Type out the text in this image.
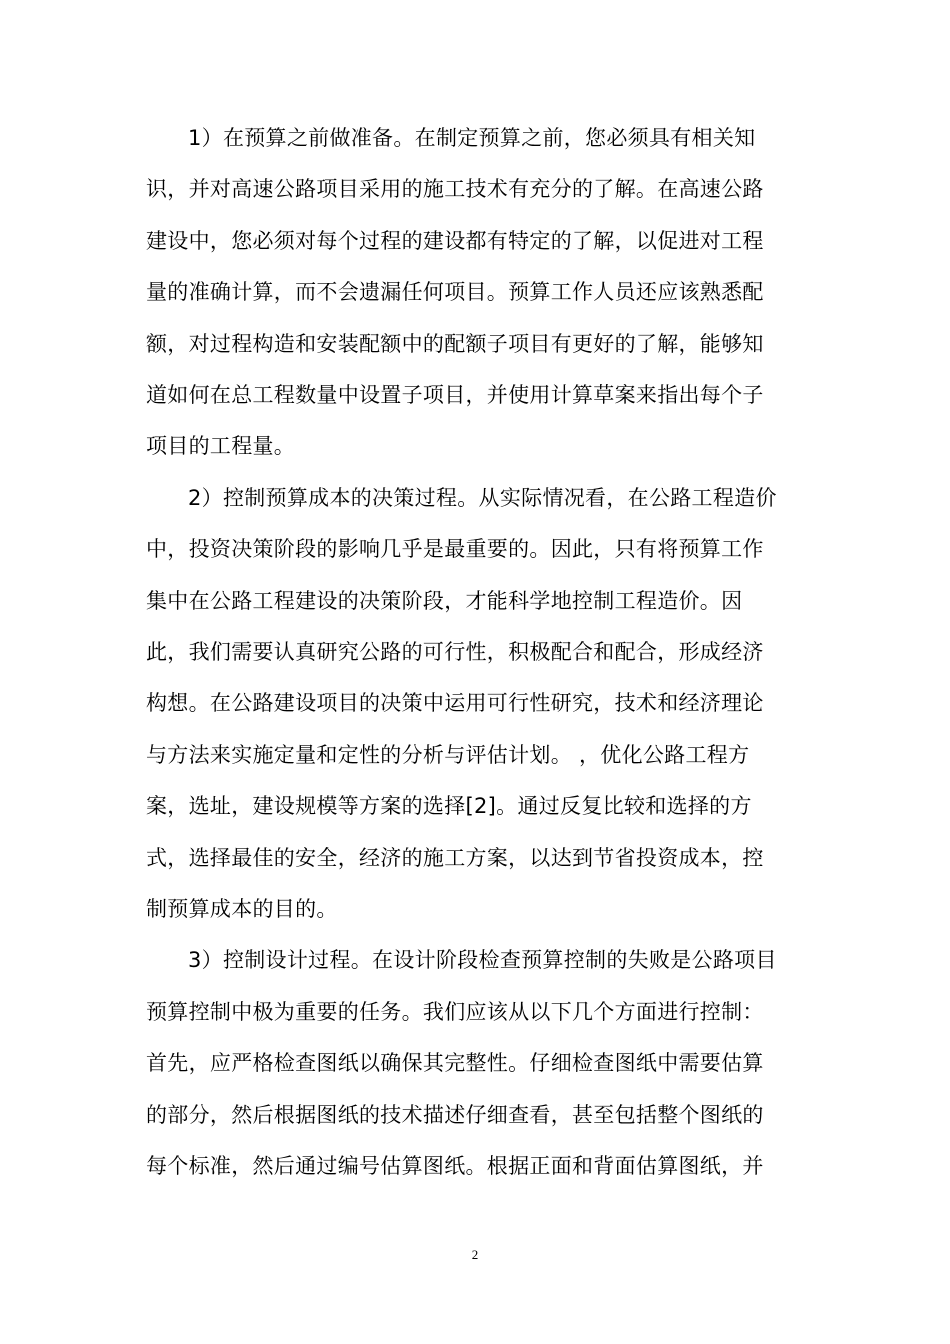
1）在预算之前做准备。在制定预算之前，您必须具有相关知
识，并对高速公路项目采用的施工技术有充分的了解。在高速公路
建设中，您必须对每个过程的建设都有特定的了解，以促进对工程
量的准确计算，而不会遗漏任何项目。预算工作人员还应该熟悉配
额，对过程构造和安装配额中的配额子项目有更好的了解，能够知
道如何在总工程数量中设置子项目，并使用计算草案来指出每个子
项目的工程量。
2）控制预算成本的决策过程。从实际情况看，在公路工程造价
中，投资决策阶段的影响几乎是最重要的。因此，只有将预算工作
集中在公路工程建设的决策阶段，才能科学地控制工程造价。因
此，我们需要认真研究公路的可行性，积极配合和配合，形成经济
构想。在公路建设项目的决策中运用可行性研究，技术和经济理论
与方法来实施定量和定性的分析与评估计划。 ，优化公路工程方
案，选址，建设规模等方案的选择[2]。通过反复比较和选择的方
式，选择最佳的安全，经济的施工方案，以达到节省投资成本，控
制预算成本的目的。
3）控制设计过程。在设计阶段检查预算控制的失败是公路项目
预算控制中极为重要的任务。我们应该从以下几个方面进行控制：
首先，应严格检查图纸以确保其完整性。仔细检查图纸中需要估算
的部分，然后根据图纸的技术描述仔细查看，甚至包括整个图纸的
每个标准，然后通过编号估算图纸。根据正面和背面估算图纸，并
2
